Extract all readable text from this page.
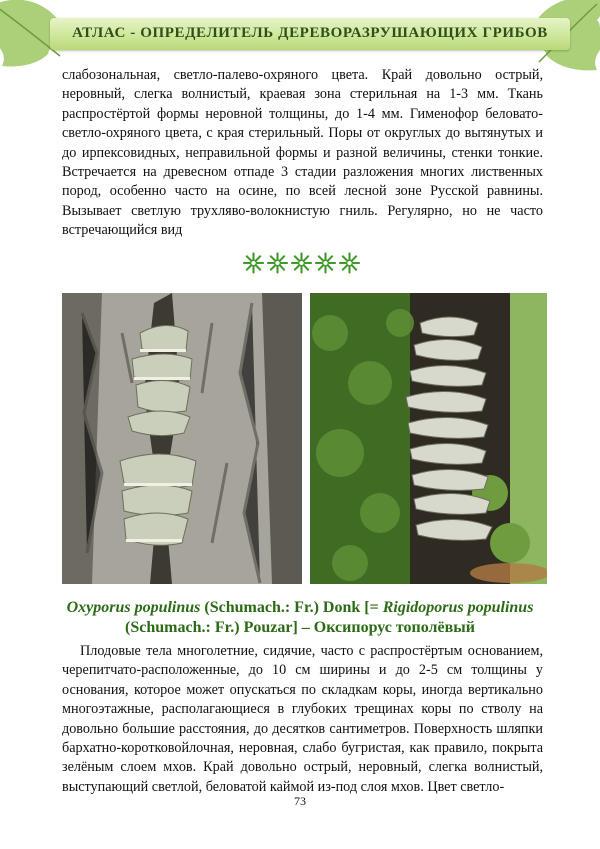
АТЛАС - ОПРЕДЕЛИТЕЛЬ ДЕРЕВОРАЗРУШАЮЩИХ ГРИБОВ

слабозональная, светло-палево-охряного цвета. Край довольно острый, неровный, слегка волнистый, краевая зона стерильная на 1-3 мм. Ткань распростёртой формы неровной толщины, до 1-4 мм. Гименофор беловато-светло-охряного цвета, с края стерильный. Поры от округлых до вытянутых и до ирпексовидных, неправильной формы и разной величины, стенки тонкие. Встречается на древесном отпаде 3 стадии разложения многих лиственных пород, особенно часто на осине, по всей лесной зоне Русской равнины. Вызывает светлую трухляво-волокнистую гниль. Регулярно, но не часто встречающийся вид

Oxyporus populinus (Schumach.: Fr.) Donk [= Rigidoporus populinus
(Schumach.: Fr.) Pouzar] – Оксипорус тополёвый

Плодовые тела многолетние, сидячие, часто с распростёртым основанием, черепитчато-расположенные, до 10 см ширины и до 2-5 см толщины у основания, которое может опускаться по складкам коры, иногда вертикально многоэтажные, располагающиеся в глубоких трещинах коры по стволу на довольно большие расстояния, до десятков сантиметров. Поверхность шляпки бархатно-коротковойлочная, неровная, слабо бугристая, как правило, покрыта зелёным слоем мхов. Край довольно острый, неровный, слегка волнистый, выступающий светлой, беловатой каймой из-под слоя мхов. Цвет светло-

73
